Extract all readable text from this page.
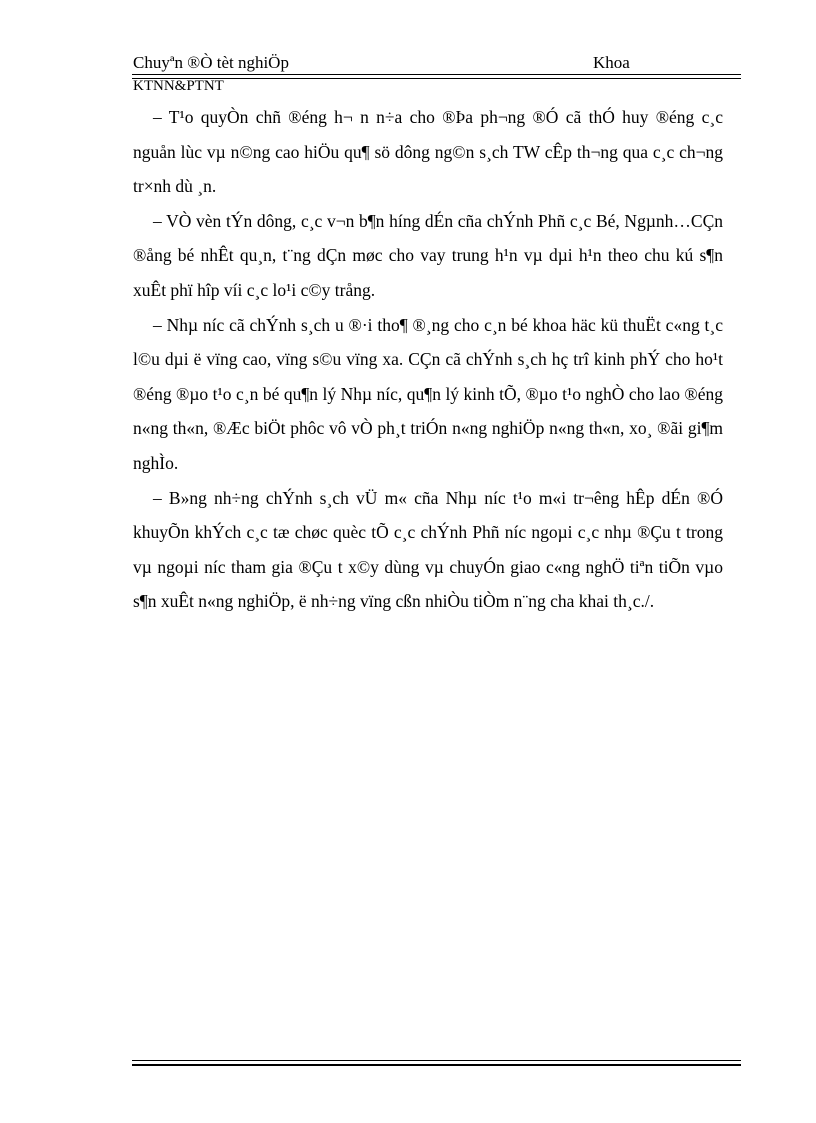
Chuyªn ®Ò tèt nghiÖp	Khoa
KTNN&PTNT

– T¹o quyÒn chñ ®éng h¬ n n÷a cho ®Þa ph¬ng ®Ó cã thÓ huy ®éng c¸c nguån lùc vµ n©ng cao hiÖu qu¶ sö dông ng©n s¸ch TW cÊp th¬ng qua c¸c ch¬ng tr×nh dù ¸n.

– VÒ vèn tÝn dông, c¸c v¬n b¶n híng dÉn cña chÝnh Phñ c¸c Bé, Ngµnh…CÇn ®ång bé nhÊt qu¸n, t¨ng dÇn møc cho vay trung h¹n vµ dµi h¹n theo chu kú s¶n xuÊt phï hîp víi c¸c lo¹i c©y trång.

– Nhµ níc cã chÝnh s¸ch u ®·i tho¶ ®¸ng cho c¸n bé khoa häc kü thuËt c«ng t¸c l©u dµi ë vïng cao, vïng s©u vïng xa. CÇn cã chÝnh s¸ch hç trî kinh phÝ cho ho¹t ®éng ®µo t¹o c¸n bé qu¶n lý Nhµ níc, qu¶n lý kinh tÕ, ®µo t¹o nghÒ cho lao ®éng n«ng th«n, ®Æc biÖt phôc vô vÒ ph¸t triÓn n«ng nghiÖp n«ng th«n, xo¸ ®ãi gi¶m nghÌo.

– B»ng nh÷ng chÝnh s¸ch vÜ m« cña Nhµ níc t¹o m«i tr¬êng hÊp dÉn ®Ó khuyÕn khÝch c¸c tæ chøc quèc tÕ c¸c chÝnh Phñ níc ngoµi c¸c nhµ ®Çu t trong vµ ngoµi níc tham gia ®Çu t x©y dùng vµ chuyÓn giao c«ng nghÖ tiªn tiÕn vµo s¶n xuÊt n«ng nghiÖp, ë nh÷ng vïng cßn nhiÒu tiÒm n¨ng cha khai th¸c./.
